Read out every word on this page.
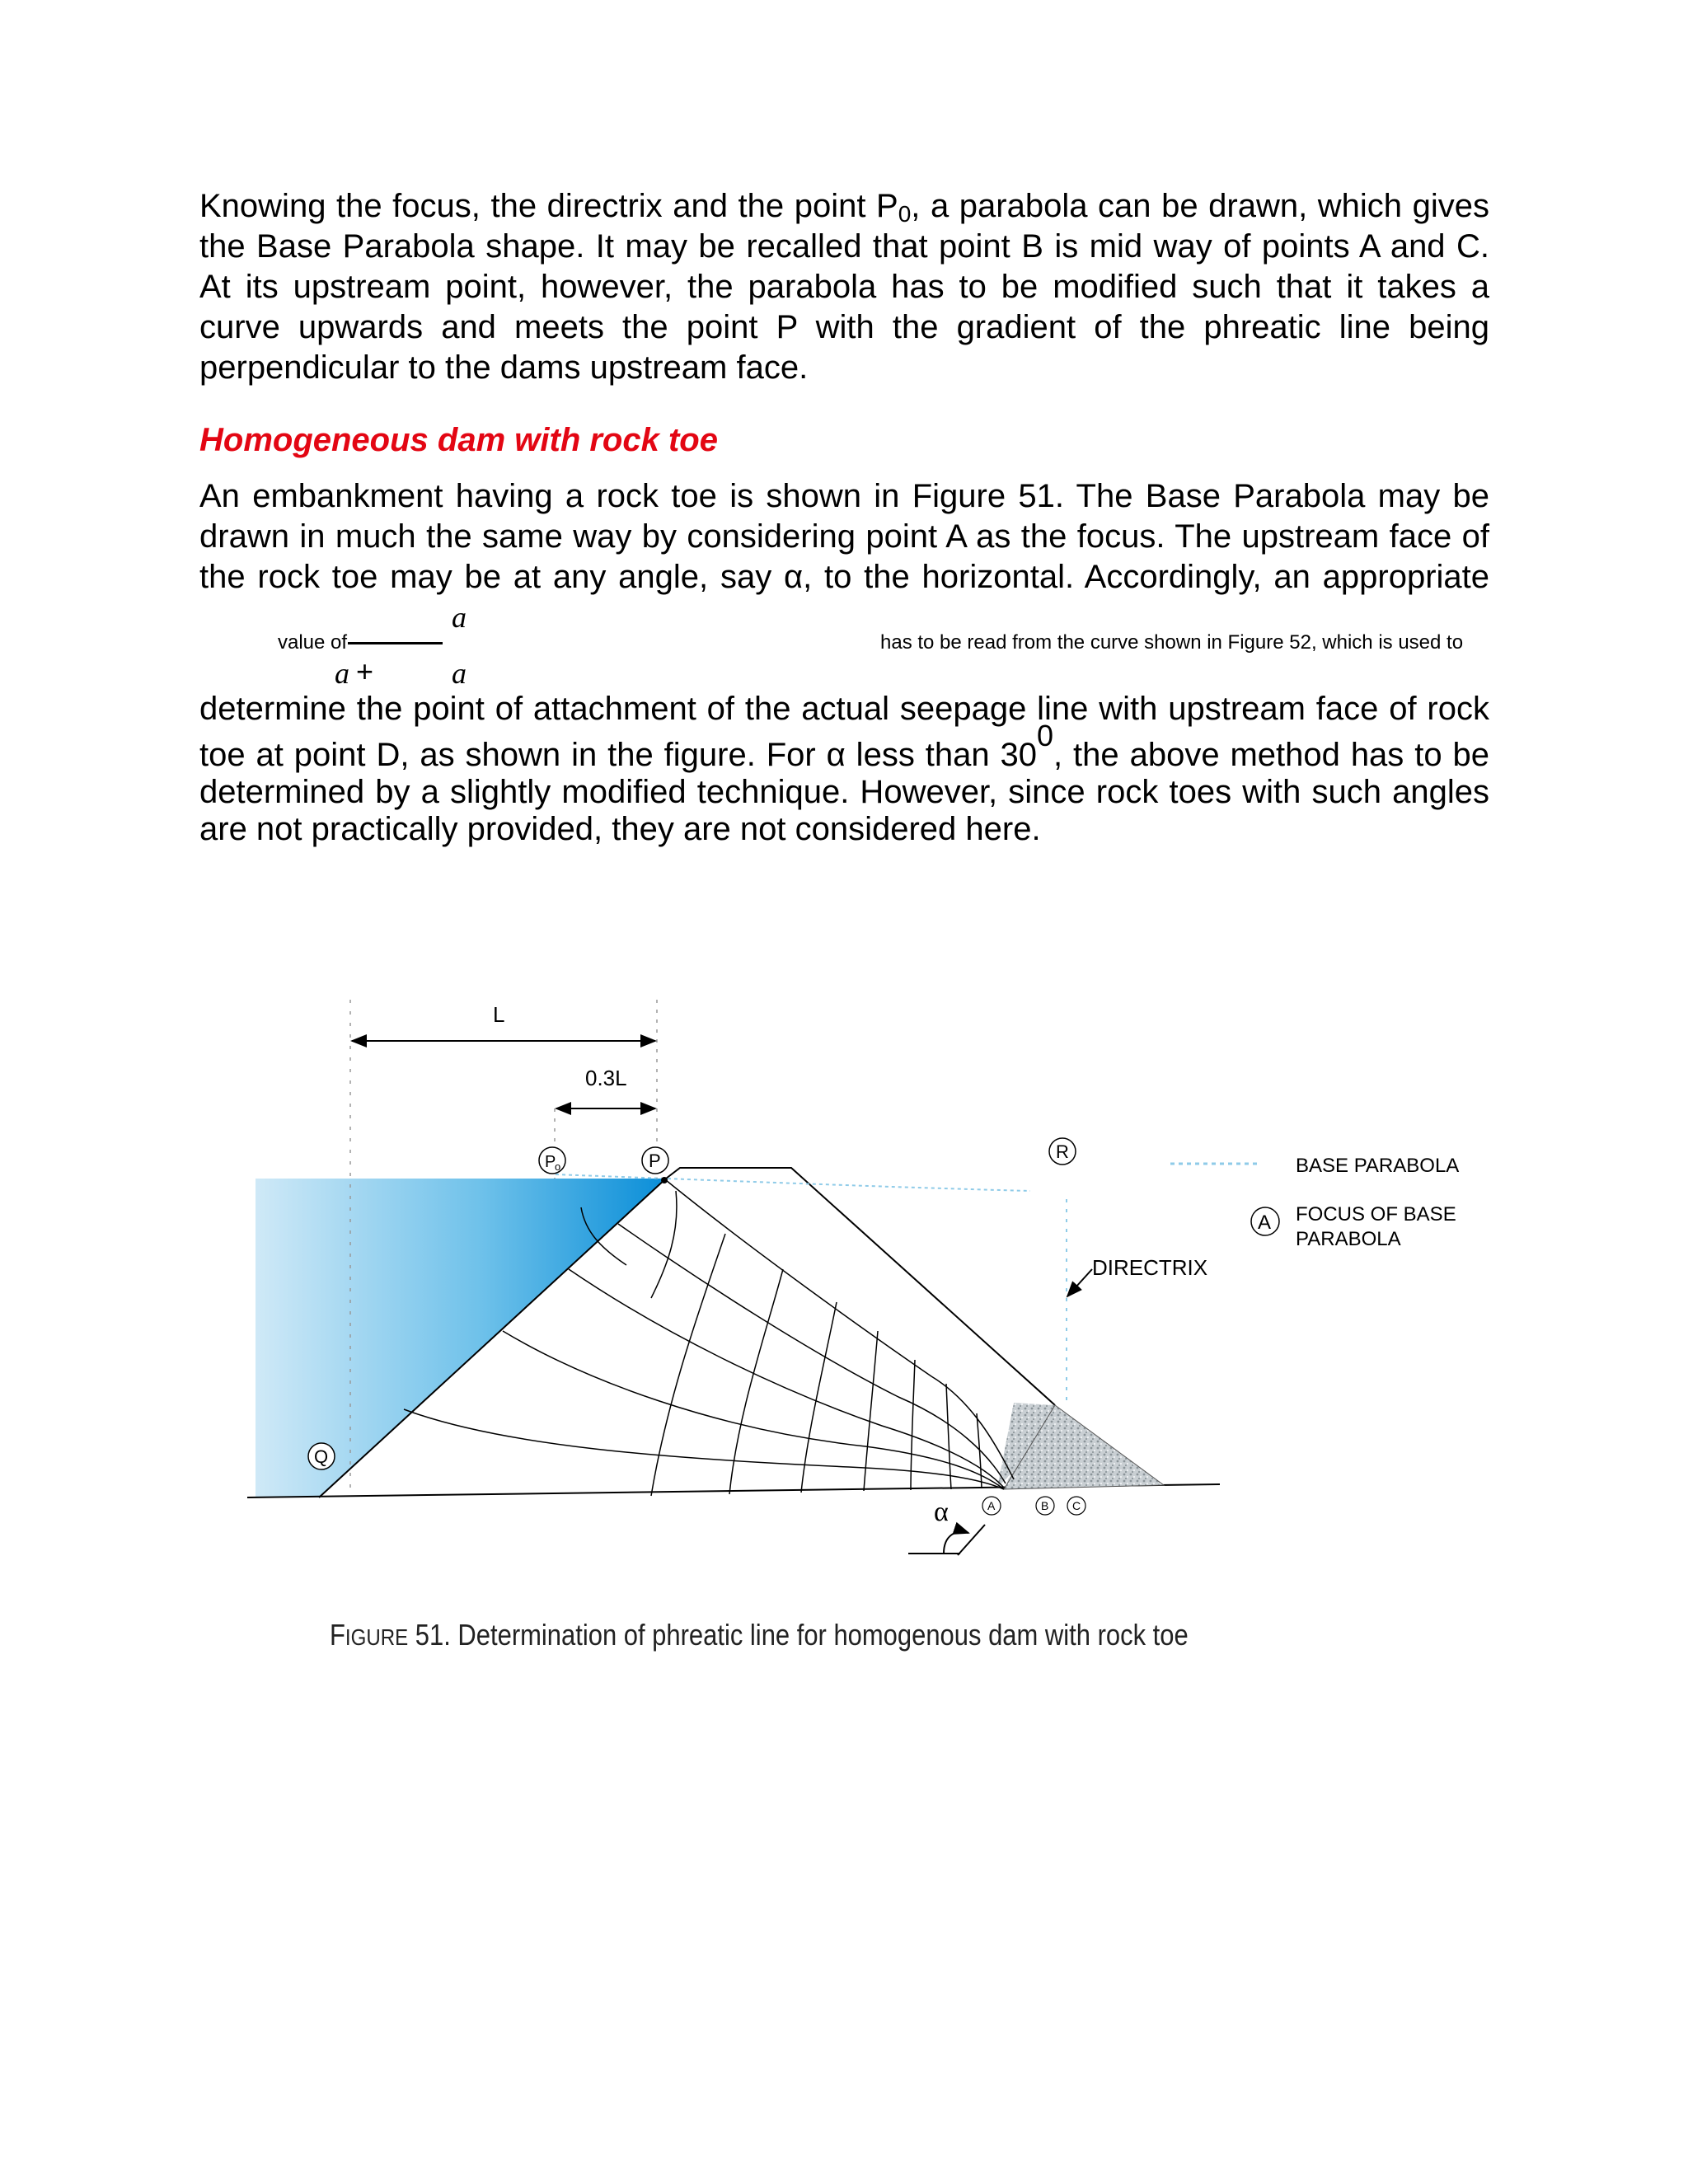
Knowing the focus, the directrix and the point $P_0$, a parabola can be drawn, which gives
the Base Parabola shape. It may be recalled that point B is mid way of points A and C.
At its upstream point, however, the parabola has to be modified such that it takes a
curve upwards and meets the point P with the gradient of the phreatic line being
perpendicular to the dams upstream face.
Homogeneous dam with rock toe
An embankment having a rock toe is shown in Figure 51. The Base Parabola may be
drawn in much the same way by considering point A as the focus. The upstream face of
the rock toe may be at any angle, say α, to the horizontal. Accordingly, an appropriate
value of
a
a +	a
has to be read from the curve shown in Figure 52, which is used to
determine the point of attachment of the actual seepage line with upstream face of rock
toe at point D, as shown in the figure. For α less than 300, the above method has to be
determined by a slightly modified technique. However, since rock toes with such angles
are not practically provided, they are not considered here.
L
0.3L
P
o	P	R
Q
A	B C
α
DIRECTRIX
BASE PARABOLA
A FOCUS OF BASE
PARABOLA
FIGURE 51. Determination of phreatic line for homogenous dam with rock toe
